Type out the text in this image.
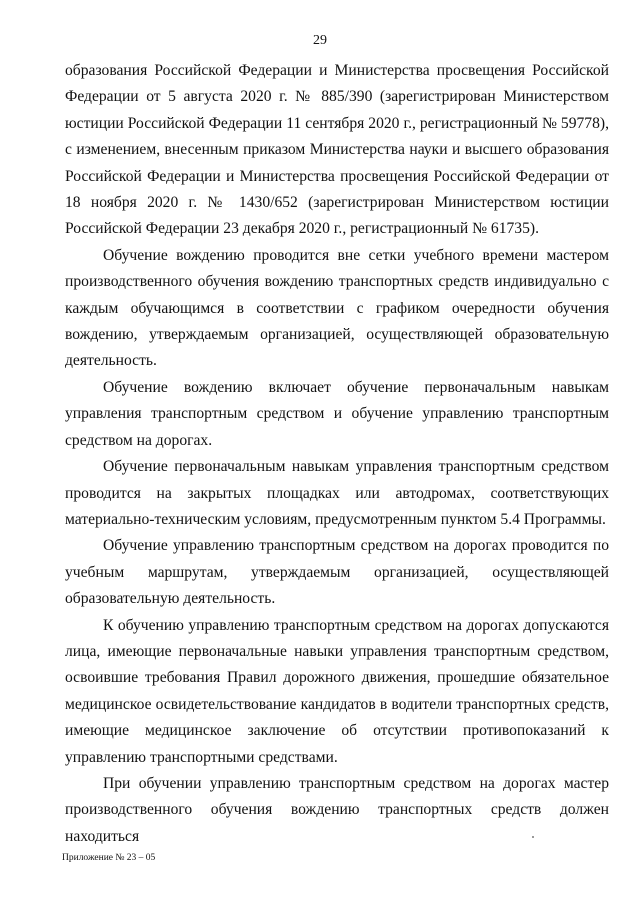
29

образования Российской Федерации и Министерства просвещения Российской Федерации от 5 августа 2020 г. № 885/390 (зарегистрирован Министерством юстиции Российской Федерации 11 сентября 2020 г., регистрационный № 59778), с изменением, внесенным приказом Министерства науки и высшего образования Российской Федерации и Министерства просвещения Российской Федерации от 18 ноября 2020 г. № 1430/652 (зарегистрирован Министерством юстиции Российской Федерации 23 декабря 2020 г., регистрационный № 61735).

Обучение вождению проводится вне сетки учебного времени мастером производственного обучения вождению транспортных средств индивидуально с каждым обучающимся в соответствии с графиком очередности обучения вождению, утверждаемым организацией, осуществляющей образовательную деятельность.

Обучение вождению включает обучение первоначальным навыкам управления транспортным средством и обучение управлению транспортным средством на дорогах.

Обучение первоначальным навыкам управления транспортным средством проводится на закрытых площадках или автодромах, соответствующих материально-техническим условиям, предусмотренным пунктом 5.4 Программы.

Обучение управлению транспортным средством на дорогах проводится по учебным маршрутам, утверждаемым организацией, осуществляющей образовательную деятельность.

К обучению управлению транспортным средством на дорогах допускаются лица, имеющие первоначальные навыки управления транспортным средством, освоившие требования Правил дорожного движения, прошедшие обязательное медицинское освидетельствование кандидатов в водители транспортных средств, имеющие медицинское заключение об отсутствии противопоказаний к управлению транспортными средствами.

При обучении управлению транспортным средством на дорогах мастер производственного обучения вождению транспортных средств должен находиться

Приложение № 23 – 05
